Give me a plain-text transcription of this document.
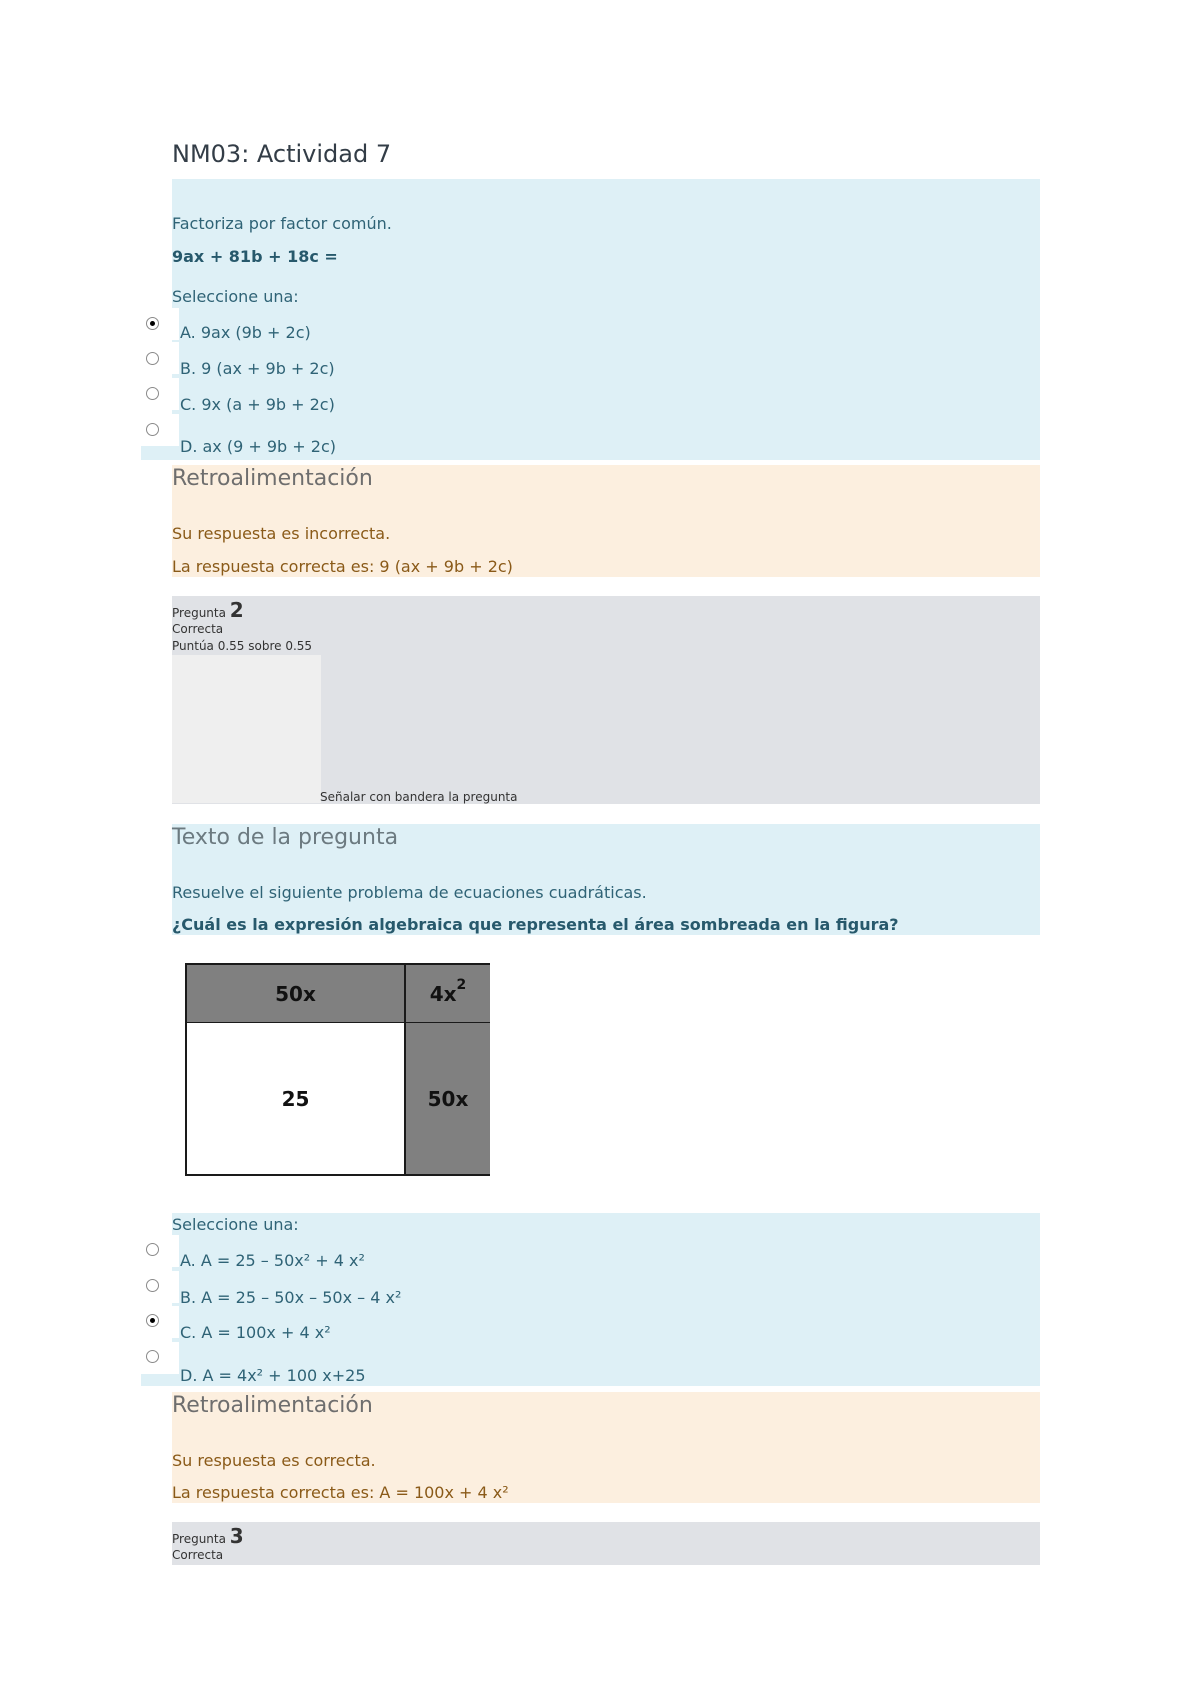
NM03: Actividad 7
Factoriza por factor común.
9ax + 81b + 18c =
Seleccione una:
A. 9ax (9b + 2c)
B. 9 (ax + 9b + 2c)
C. 9x (a + 9b + 2c)
D. ax (9 + 9b + 2c)
Retroalimentación
Su respuesta es incorrecta.
La respuesta correcta es: 9 (ax + 9b + 2c)
Pregunta 2
Correcta
Puntúa 0.55 sobre 0.55
Señalar con bandera la pregunta
Texto de la pregunta
Resuelve el siguiente problema de ecuaciones cuadráticas.
¿Cuál es la expresión algebraica que representa el área sombreada en la figura?
50x	$4x^2$
25	50x
Seleccione una:
A. A = 25 – 50x² + 4 x²
B. A = 25 – 50x – 50x – 4 x²
C. A = 100x + 4 x²
D. A = 4x² + 100 x+25
Retroalimentación
Su respuesta es correcta.
La respuesta correcta es: A = 100x + 4 x²
Pregunta 3
Correcta
